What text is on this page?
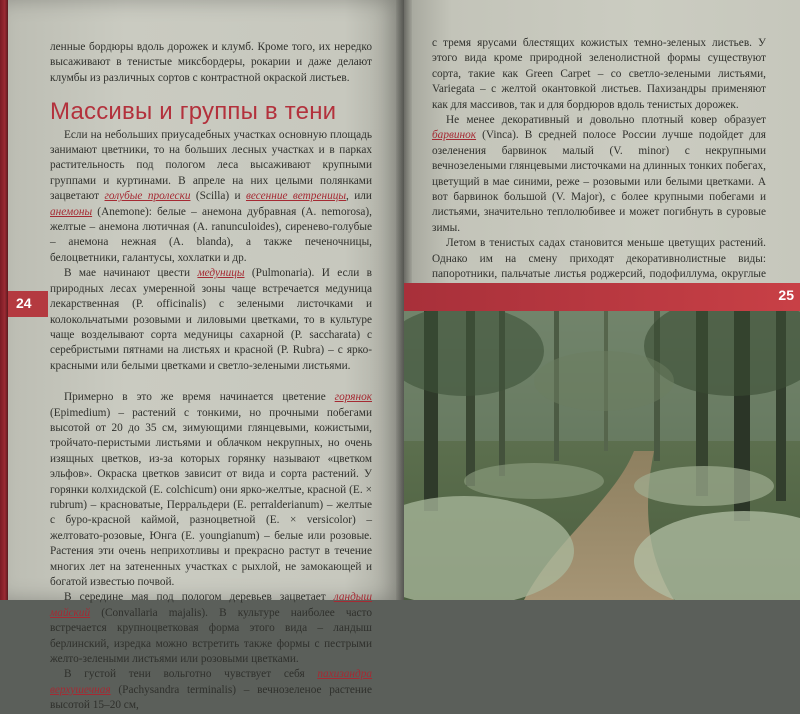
ленные бордюры вдоль дорожек и клумб. Кроме того, их нередко высаживают в тенистые миксбордеры, рокарии и даже делают клумбы из различных сортов с контрастной окраской листьев.

Массивы и группы в тени

Если на небольших приусадебных участках основную площадь занимают цветники, то на больших лесных участках и в парках растительность под пологом леса высаживают крупными группами и куртинами. В апреле на них целыми полянками зацветают голубые пролески (Scilla) и весенние ветреницы, или анемоны (Anemone): белые – анемона дубравная (A. nemorosa), желтые – анемона лютичная (A. ranunculoides), сиренево-голубые – анемона нежная (A. blanda), а также печеночницы, белоцветники, галантусы, хохлатки и др.

В мае начинают цвести медуницы (Pulmonaria). И если в природных лесах умеренной зоны чаще встречается медуница лекарственная (P. officinalis) с зелеными листочками и колокольчатыми розовыми и лиловыми цветками, то в культуре чаще возделывают сорта медуницы сахарной (P. saccharata) с серебристыми пятнами на листьях и красной (P. Rubra) – с ярко-красными или белыми цветками и светло-зелеными листьями.

Примерно в это же время начинается цветение горянок (Epimedium) – растений с тонкими, но прочными побегами высотой от 20 до 35 см, зимующими глянцевыми, кожистыми, тройчато-перистыми листьями и облачком некрупных, но очень изящных цветков, из-за которых горянку называют «цветком эльфов». Окраска цветков зависит от вида и сорта растений. У горянки колхидской (E. colchicum) они ярко-желтые, красной (E. × rubrum) – красноватые, Перральдери (E. perralderianum) – желтые с буро-красной каймой, разноцветной (E. × versicolor) – желтовато-розовые, Юнга (E. youngianum) – белые или розовые. Растения эти очень неприхотливы и прекрасно растут в течение многих лет на затененных участках с рыхлой, не замокающей и богатой известью почвой.

В середине мая под пологом деревьев зацветает ландыш майский (Convallaria majalis). В культуре наиболее часто встречается крупноцветковая форма этого вида – ландыш берлинский, изредка можно встретить также формы с пестрыми желто-зелеными листьями или розовыми цветками.

В густой тени вольготно чувствует себя пахизандра верхушечная (Pachysandra terminalis) – вечнозеленое растение высотой 15–20 см,

24

с тремя ярусами блестящих кожистых темно-зеленых листьев. У этого вида кроме природной зеленолистной формы существуют сорта, такие как Green Carpet – со светло-зелеными листьями, Variegata – с желтой окантовкой листьев. Пахизандры применяют как для массивов, так и для бордюров вдоль тенистых дорожек.

Не менее декоративный и довольно плотный ковер образует барвинок (Vinca). В средней полосе России лучше подойдет для озеленения барвинок малый (V. minor) с некрупными вечнозелеными глянцевыми листочками на длинных тонких побегах, цветущий в мае синими, реже – розовыми или белыми цветками. А вот барвинок большой (V. Major), с более крупными побегами и листьями, значительно теплолюбивее и может погибнуть в суровые зимы.

Летом в тенистых садах становится меньше цветущих растений. Однако им на смену приходят декоративнолистные виды: папоротники, пальчатые листья роджерсий, подофиллума, округлые

25
